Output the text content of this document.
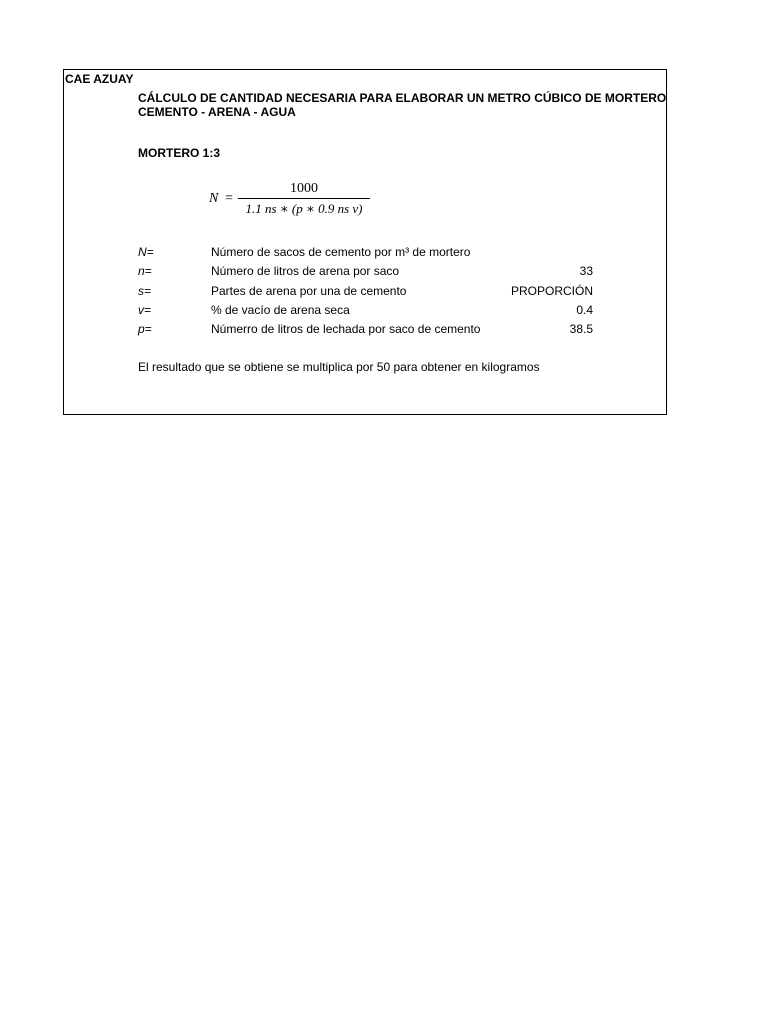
CAE AZUAY
CÁLCULO DE CANTIDAD NECESARIA PARA ELABORAR UN METRO CÚBICO DE MORTERO
CEMENTO - ARENA - AGUA
MORTERO 1:3
N =
1000
1.1 ns ∗ (p ∗ 0.9 ns v)
N=	Número de sacos de cemento por m³ de mortero
n=	Número de litros de arena por saco	33
s=	Partes de arena por una de cemento	PROPORCIÓN
v=	% de vacío de arena seca	0.4
p=	Númerro de litros de lechada por saco de cemento	38.5
El resultado que se obtiene se multiplica por 50 para obtener en kilogramos
